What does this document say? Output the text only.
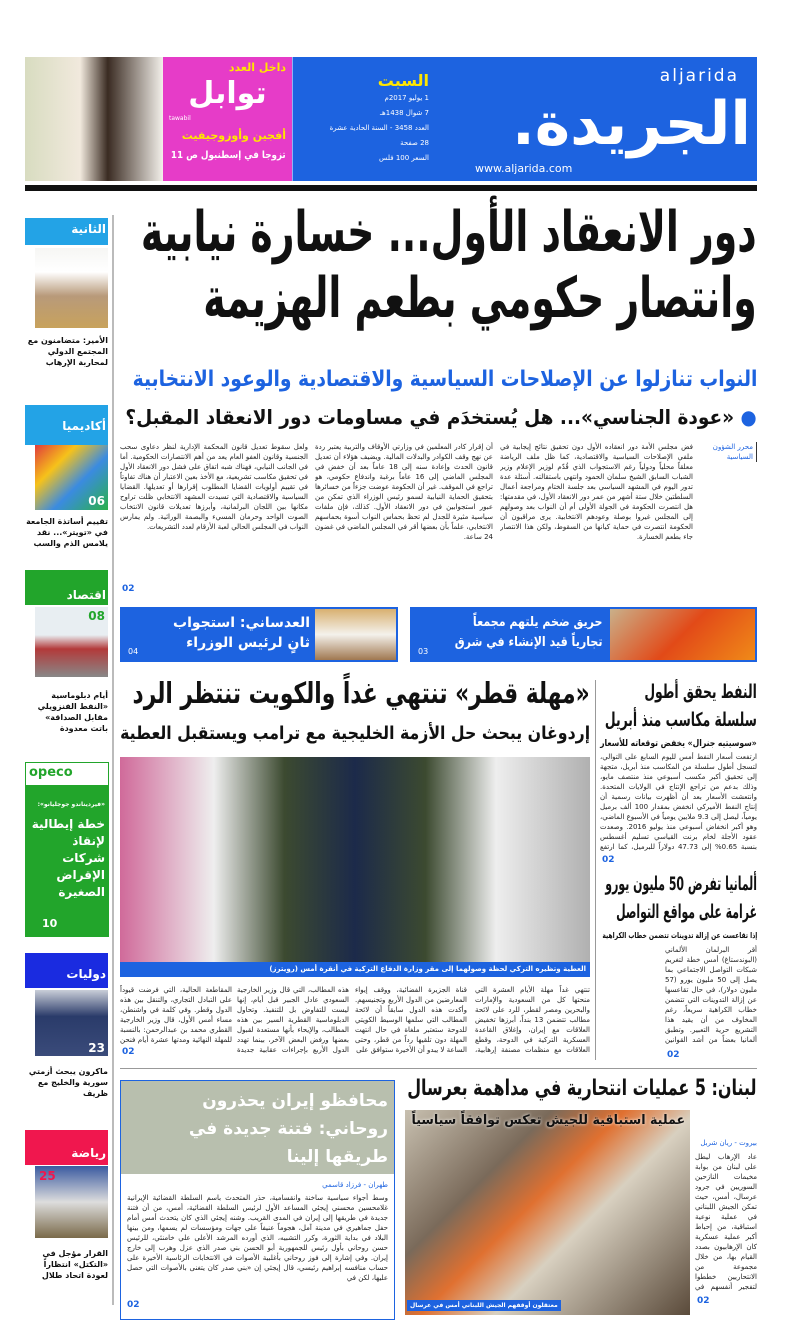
داخل العدد
توابل
tawabil
أفجين وأوزوجيفيت
تزوجا في إسطنبول ص 11
السبت
1 يوليو 2017م
7 شوال 1438هـ
العدد 3458 - السنة الحادية عشرة
28 صفحة
السعر 100 فلس
aljarida
الجريدة.
www.aljarida.com
الثانية
الأمير: متضامنون مع المجتمع الدولي لمحاربة الإرهاب
أكاديميا
06
تقييم أساتذة الجامعة في «تويتر»... نقد يلامس الذم والسب
اقتصاد
08
أيام دبلوماسية «النفط الفنزويلي مقابل الصداقة» باتت معدودة
opeco
«فيرديناندو جوجليانو»:
خطة إيطالية لإنقاذ شركات الإقراض الصغيرة
10
دوليات
23
ماكرون يبحث أزمتي سورية والخليج مع ظريف
رياضة
25
القرار مؤجل في «التكتل» انتظاراً لعودة اتحاد طلال
دور الانعقاد الأول... خسارة نيابية
وانتصار حكومي بطعم الهزيمة
النواب تنازلوا عن الإصلاحات السياسية والاقتصادية والوعود الانتخابية
● «عودة الجناسي»... هل يُستخدَم في مساومات دور الانعقاد المقبل؟
محرر الشؤون السياسية
فض مجلس الأمة دور انعقاده الأول دون تحقيق نتائج إيجابية في ملفي الإصلاحات السياسية والاقتصادية، كما ظل ملف الرياضة معلقاً محلياً ودولياً رغم الاستجواب الذي قُدّم لوزير الإعلام وزير الشباب السابق الشيخ سلمان الحمود وانتهى باستقالته. أسئلة عدة تدور اليوم في المشهد السياسي بعد جلسة الختام ومراجعة أعمال السلطتين خلال ستة أشهر من عمر دور الانعقاد الأول، في مقدمتها: هل انتصرت الحكومة في الجولة الأولى أم أن النواب بعد وصولهم إلى المجلس غيروا بوصلة وعودهم الانتخابية. يرى مراقبون أن الحكومة انتصرت في حماية كيانها من السقوط، ولكن هذا الانتصار جاء بطعم الخسارة.
أن إقرار كادر المعلمين في وزارتي الأوقاف والتربية يعتبر ردة عن نهج وقف الكوادر والبدلات المالية. ويضيف هؤلاء أن تعديل قانون الحدث وإعادة سنه إلى 18 عاماً بعد أن خفض في المجلس الماضي إلى 16 عاماً برغبة واندفاع حكومي، هو تراجع في الموقف. غير أن الحكومة عوضت جزءاً من خسائرها بتحقيق الحماية النيابية لسمو رئيس الوزراء الذي تمكن من عبور استجوابين في دور الانعقاد الأول. كذلك، فإن ملفات سياسية مثيرة للجدل لم تحظ بحماس النواب أسوة بحماسهم الانتخابي، علماً بأن بعضها أقر في المجلس الماضي في غضون 24 ساعة.
ولعل سقوط تعديل قانون المحكمة الإدارية لنظر دعاوى سحب الجنسية وقانون العفو العام يعد من أهم الانتصارات الحكومية. أما في الجانب النيابي، فهناك شبه اتفاق على فشل دور الانعقاد الأول في تحقيق مكاسب تشريعية، مع الأخذ بعين الاعتبار أن هناك تفاوتاً في تقييم أولويات القضايا المطلوب إقرارها أو تعديلها. القضايا السياسية والاقتصادية التي تسيدت المشهد الانتخابي ظلت تراوح مكانها بين اللجان البرلمانية، وأبرزها تعديلات قانون الانتخاب الصوت الواحد وحرمان المسيء والبصمة الوراثية. ولم يمارس النواب في المجلس الحالي لعبة الأرقام لعدد التشريعات.
02
حريق ضخم يلتهم مجمعاً تجارياً قيد الإنشاء في شرق
03
العدساني: استجواب ثانٍ لرئيس الوزراء
04
«مهلة قطر» تنتهي غداً والكويت تنتظر الرد
إردوغان يبحث حل الأزمة الخليجية مع ترامب ويستقبل العطية
العطية وتظيره التركي لحظة وصولهما إلى مقر وزارة الدفاع التركية في أنقرة أمس (رويترز)
تنتهي غداً مهلة الأيام العشرة التي منحتها كل من السعودية والإمارات والبحرين ومصر لقطر، للرد على لائحة مطالب تتضمن 13 بنداً، أبرزها تخفيض العلاقات مع إيران، وإغلاق القاعدة العسكرية التركية في الدوحة، وقطع العلاقات مع منظمات مصنفة إرهابية،
قناة الجزيرة الفضائية، ووقف إيواء المعارضين من الدول الأربع وتجنيسهم. وأكدت هذه الدول سابقاً أن لائحة المطالب التي سلمها الوسيط الكويتي للدوحة ستعتبر ملغاة في حال انتهت المهلة دون تلقيها رداً من قطر، وحتى الساعة لا يبدو أن الأخيرة ستوافق على
هذه المطالب، التي قال وزير الخارجية السعودي عادل الجبير قبل أيام، إنها ليست للتفاوض بل للتنفيذ. وتحاول الدبلوماسية القطرية السير بين هذه المطالب، والإيحاء بأنها مستعدة لقبول بعضها ورفض البعض الآخر، بينما تهدد الدول الأربع بإجراءات عقابية جديدة
المقاطعة الحالية، التي فرضت قيوداً على التبادل التجاري، والتنقل بين هذه الدول وقطر. وفي كلمة في واشنطن، مساء أمس الأول، قال وزير الخارجية القطري محمد بن عبدالرحمن: بالنسبة للمهلة النهائية ومدتها عشرة أيام فنحن
02
النفط يحقق أطول سلسلة مكاسب منذ أبريل
«سوسيتيه جنرال» يخفض توقعاته للأسعار
ارتفعت أسعار النفط أمس لليوم السابع على التوالي، لتسجل أطول سلسلة من المكاسب منذ أبريل، متجهة إلى تحقيق أكبر مكسب أسبوعي منذ منتصف مايو، وذلك بدعم من تراجع الإنتاج في الولايات المتحدة. وانتعشت الأسعار بعد أن أظهرت بيانات رسمية أن إنتاج النفط الأميركي انخفض بمقدار 100 ألف برميل يومياً، ليصل إلى 9.3 ملايين يومياً في الأسبوع الماضي، وهو أكبر انخفاض أسبوعي منذ يوليو 2016. وصعدت عقود الأجلة لخام برنت القياسي تسليم أغسطس بنسبة 0.65% إلى 47.73 دولاراً للبرميل، كما ارتفع
02
ألمانيا تفرض 50 مليون يورو غرامة على مواقع التواصل
إذا تقاعست عن إزالة تدوينات تتضمن خطاب الكراهية
أقر البرلمان الألماني (البوندستاغ) أمس خطة لتغريم شبكات التواصل الاجتماعي بما يصل إلى 50 مليون يورو (57 مليون دولار)، في حال تقاعسها عن إزالة التدوينات التي تتضمن خطاب الكراهية سريعاً، رغم المخاوف من أن يقيد هذا التشريع حرية التعبير. وتطبق ألمانيا بعضاً من أشد القوانين
02
لبنان: 5 عمليات انتحارية في مداهمة بعرسال
عملية استباقية للجيش تعكس توافقاً سياسياً
معتقلون أوقفهم الجيش اللبناني أمس في عرسال
بيروت - ريان شربل
عاد الإرهاب ليطل على لبنان من بوابة مخيمات النازحين السوريين في جرود عرسال، أمس، حيث تمكن الجيش اللبناني في عملية نوعية استباقية، من إحباط أكبر عملية عسكرية كان الإرهابيون بصدد القيام بها، من خلال مجموعة من الانتحاريين خططوا لتفجير أنفسهم في
02
محافظو إيران يحذرون روحاني: فتنة جديدة في طريقها إلينا
طهران - فرزاد قاسمي
وسط أجواء سياسية ساخنة وانقسامية، حذر المتحدث باسم السلطة القضائية الإيرانية غلامحسين محسني إيجئي المساعد الأول لرئيس السلطة القضائية، أمس، من أن فتنة جديدة في طريقها إلى إيران في المدى القريب. وشنه إيجئي الذي كان يتحدث أمس أمام حفل جماهيري في مدينة آمل، هجوماً عنيفاً على جهات ومؤسسات لم يسمها، ومن بينها البلاد في بداية الثورة، وكرر التشبيه، الذي أورده المرشد الأعلى علي خامنئي، للرئيس حسن روحاني بأول رئيس للجمهورية أبو الحسن بني صدر الذي عزل وهرب إلى خارج إيران. وفي إشارة إلى فوز روحاني بأغلبية الأصوات في الانتخابات الرئاسية الأخيرة على حساب منافسه إبراهيم رئيسي، قال إيجئي إن «بني صدر كان يتغنى بالأصوات التي حصل عليها، لكن في
02
